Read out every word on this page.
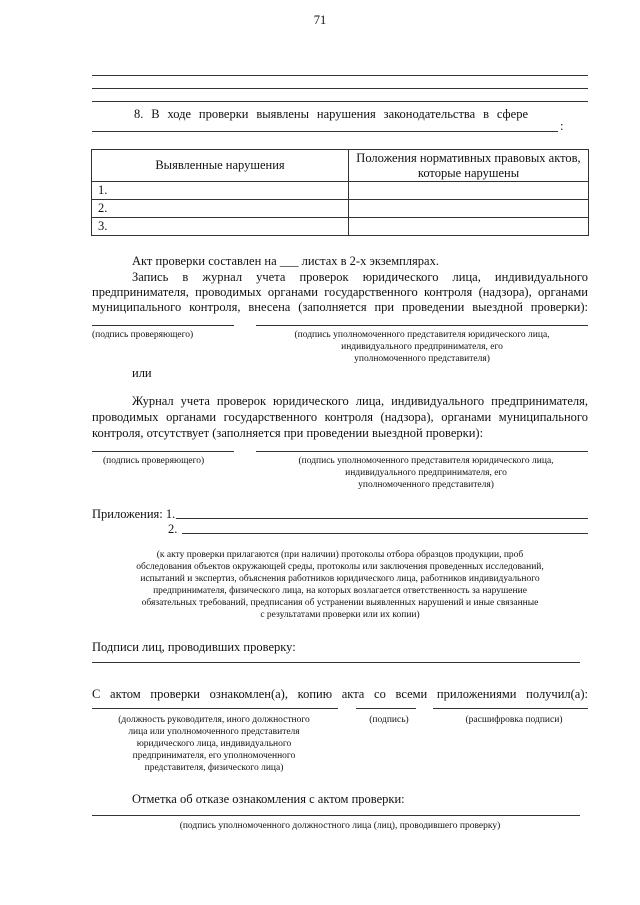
71
8. В ходе проверки выявлены нарушения законодательства в сфере
:
Выявленные нарушения	Положения нормативных правовых актов, которые нарушены
1.	
2.	
3.	
Акт проверки составлен на ___ листах в 2-х экземплярах.
Запись в журнал учета проверок юридического лица, индивидуального
предпринимателя, проводимых органами государственного контроля (надзора), органами
муниципального контроля, внесена (заполняется при проведении выездной проверки):
(подпись проверяющего)	(подпись уполномоченного представителя юридического лица,
индивидуального предпринимателя, его
уполномоченного представителя)
или
Журнал учета проверок юридического лица, индивидуального предпринимателя,
проводимых органами государственного контроля (надзора), органами муниципального
контроля, отсутствует (заполняется при проведении выездной проверки):
(подпись проверяющего)	(подпись уполномоченного представителя юридического лица,
индивидуального предпринимателя, его
уполномоченного представителя)
Приложения: 1.
2.
(к акту проверки прилагаются (при наличии) протоколы отбора образцов продукции, проб
обследования объектов окружающей среды, протоколы или заключения проведенных исследований,
испытаний и экспертиз, объяснения работников юридического лица, работников индивидуального
предпринимателя, физического лица, на которых возлагается ответственность за нарушение
обязательных требований, предписания об устранении выявленных нарушений и иные связанные
с результатами проверки или их копии)
Подписи лиц, проводивших проверку:
С актом проверки ознакомлен(а), копию акта со всеми приложениями получил(а):
(должность руководителя, иного должностного
лица или уполномоченного представителя
юридического лица, индивидуального
предпринимателя, его уполномоченного
представителя, физического лица)
(подпись)	(расшифровка подписи)
Отметка об отказе ознакомления с актом проверки:
(подпись уполномоченного должностного лица (лиц), проводившего проверку)
